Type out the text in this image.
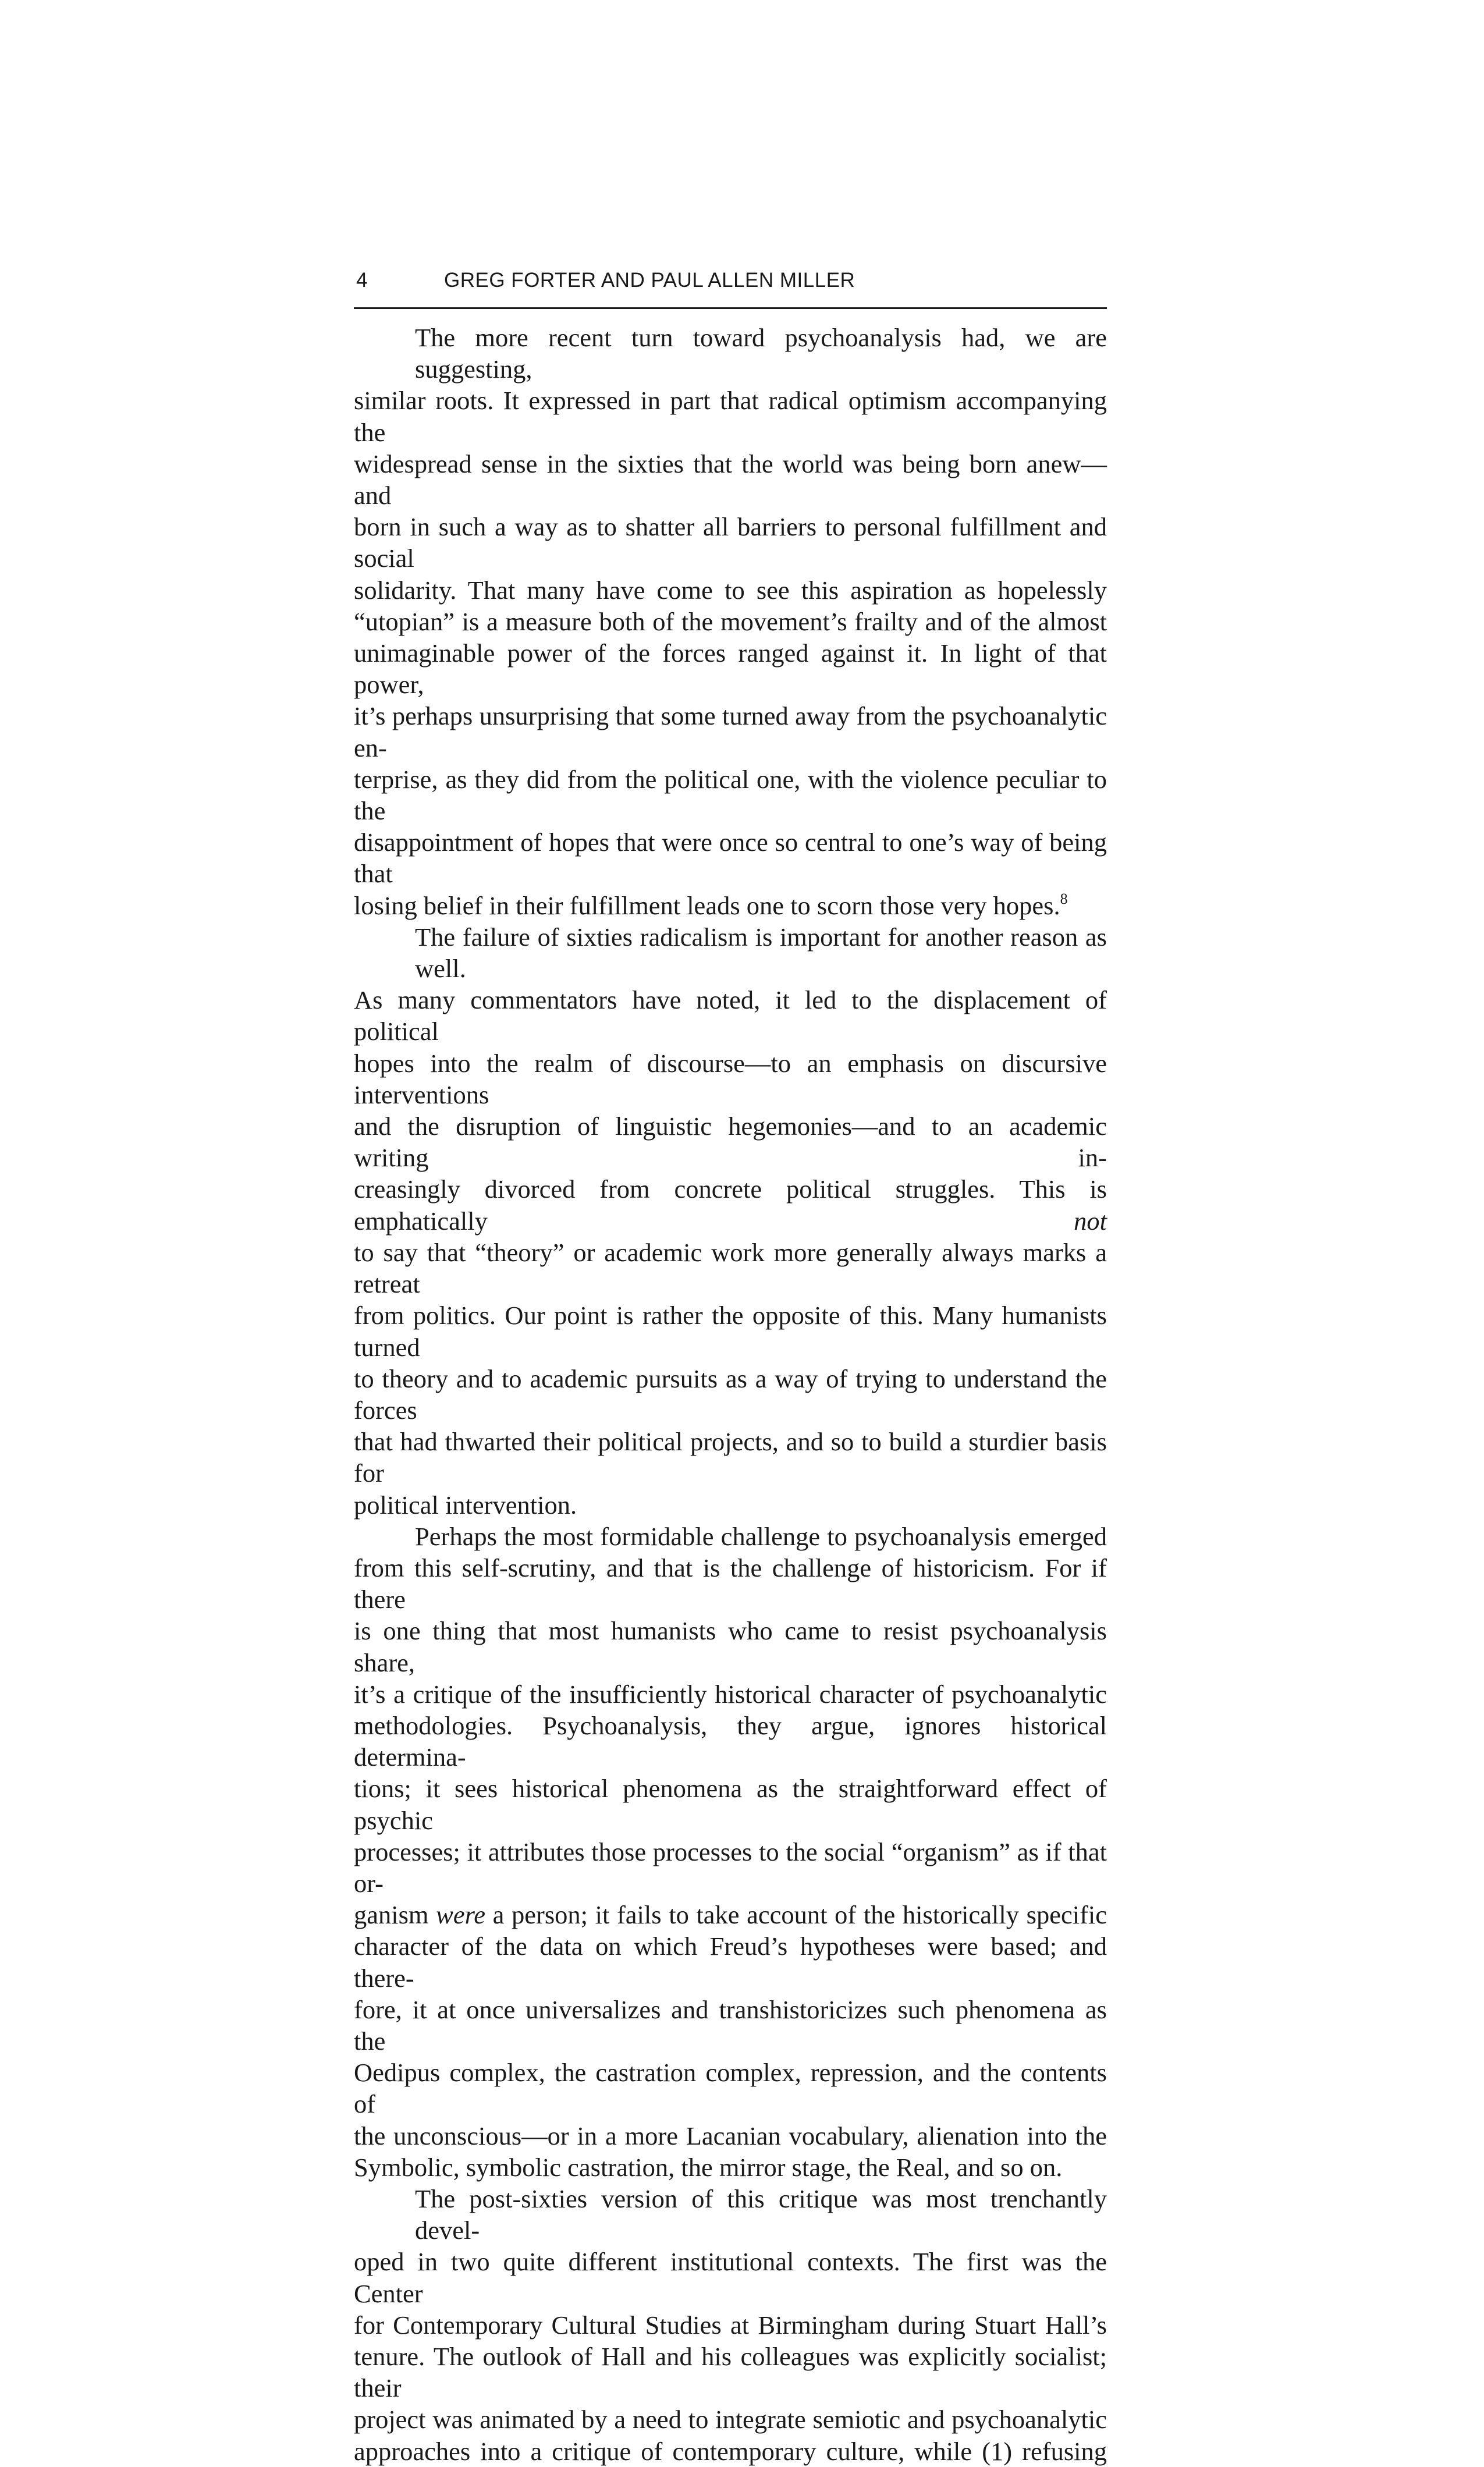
4	GREG FORTER AND PAUL ALLEN MILLER

The more recent turn toward psychoanalysis had, we are suggesting,
similar roots. It expressed in part that radical optimism accompanying the
widespread sense in the sixties that the world was being born anew—and
born in such a way as to shatter all barriers to personal fulfillment and social
solidarity. That many have come to see this aspiration as hopelessly
“utopian” is a measure both of the movement’s frailty and of the almost
unimaginable power of the forces ranged against it. In light of that power,
it’s perhaps unsurprising that some turned away from the psychoanalytic en-
terprise, as they did from the political one, with the violence peculiar to the
disappointment of hopes that were once so central to one’s way of being that
losing belief in their fulfillment leads one to scorn those very hopes.$^8$

The failure of sixties radicalism is important for another reason as well.
As many commentators have noted, it led to the displacement of political
hopes into the realm of discourse—to an emphasis on discursive interventions
and the disruption of linguistic hegemonies—and to an academic writing in-
creasingly divorced from concrete political struggles. This is emphatically	not
to say that “theory” or academic work more generally always marks a retreat
from politics. Our point is rather the opposite of this. Many humanists turned
to theory and to academic pursuits as a way of trying to understand the forces
that had thwarted their political projects, and so to build a sturdier basis for
political intervention.

Perhaps the most formidable challenge to psychoanalysis emerged
from this self-scrutiny, and that is the challenge of historicism. For if there
is one thing that most humanists who came to resist psychoanalysis share,
it’s a critique of the insufficiently historical character of psychoanalytic
methodologies. Psychoanalysis, they argue, ignores historical determina-
tions; it sees historical phenomena as the straightforward effect of psychic
processes; it attributes those processes to the social “organism” as if that or-
ganism were a person; it fails to take account of the historically specific
character of the data on which Freud’s hypotheses were based; and there-
fore, it at once universalizes and transhistoricizes such phenomena as the
Oedipus complex, the castration complex, repression, and the contents of
the unconscious—or in a more Lacanian vocabulary, alienation into the
Symbolic, symbolic castration, the mirror stage, the Real, and so on.

The post-sixties version of this critique was most trenchantly devel-
oped in two quite different institutional contexts. The first was the Center
for Contemporary Cultural Studies at Birmingham during Stuart Hall’s
tenure. The outlook of Hall and his colleagues was explicitly socialist; their
project was animated by a need to integrate semiotic and psychoanalytic
approaches into a critique of contemporary culture, while (1) refusing
